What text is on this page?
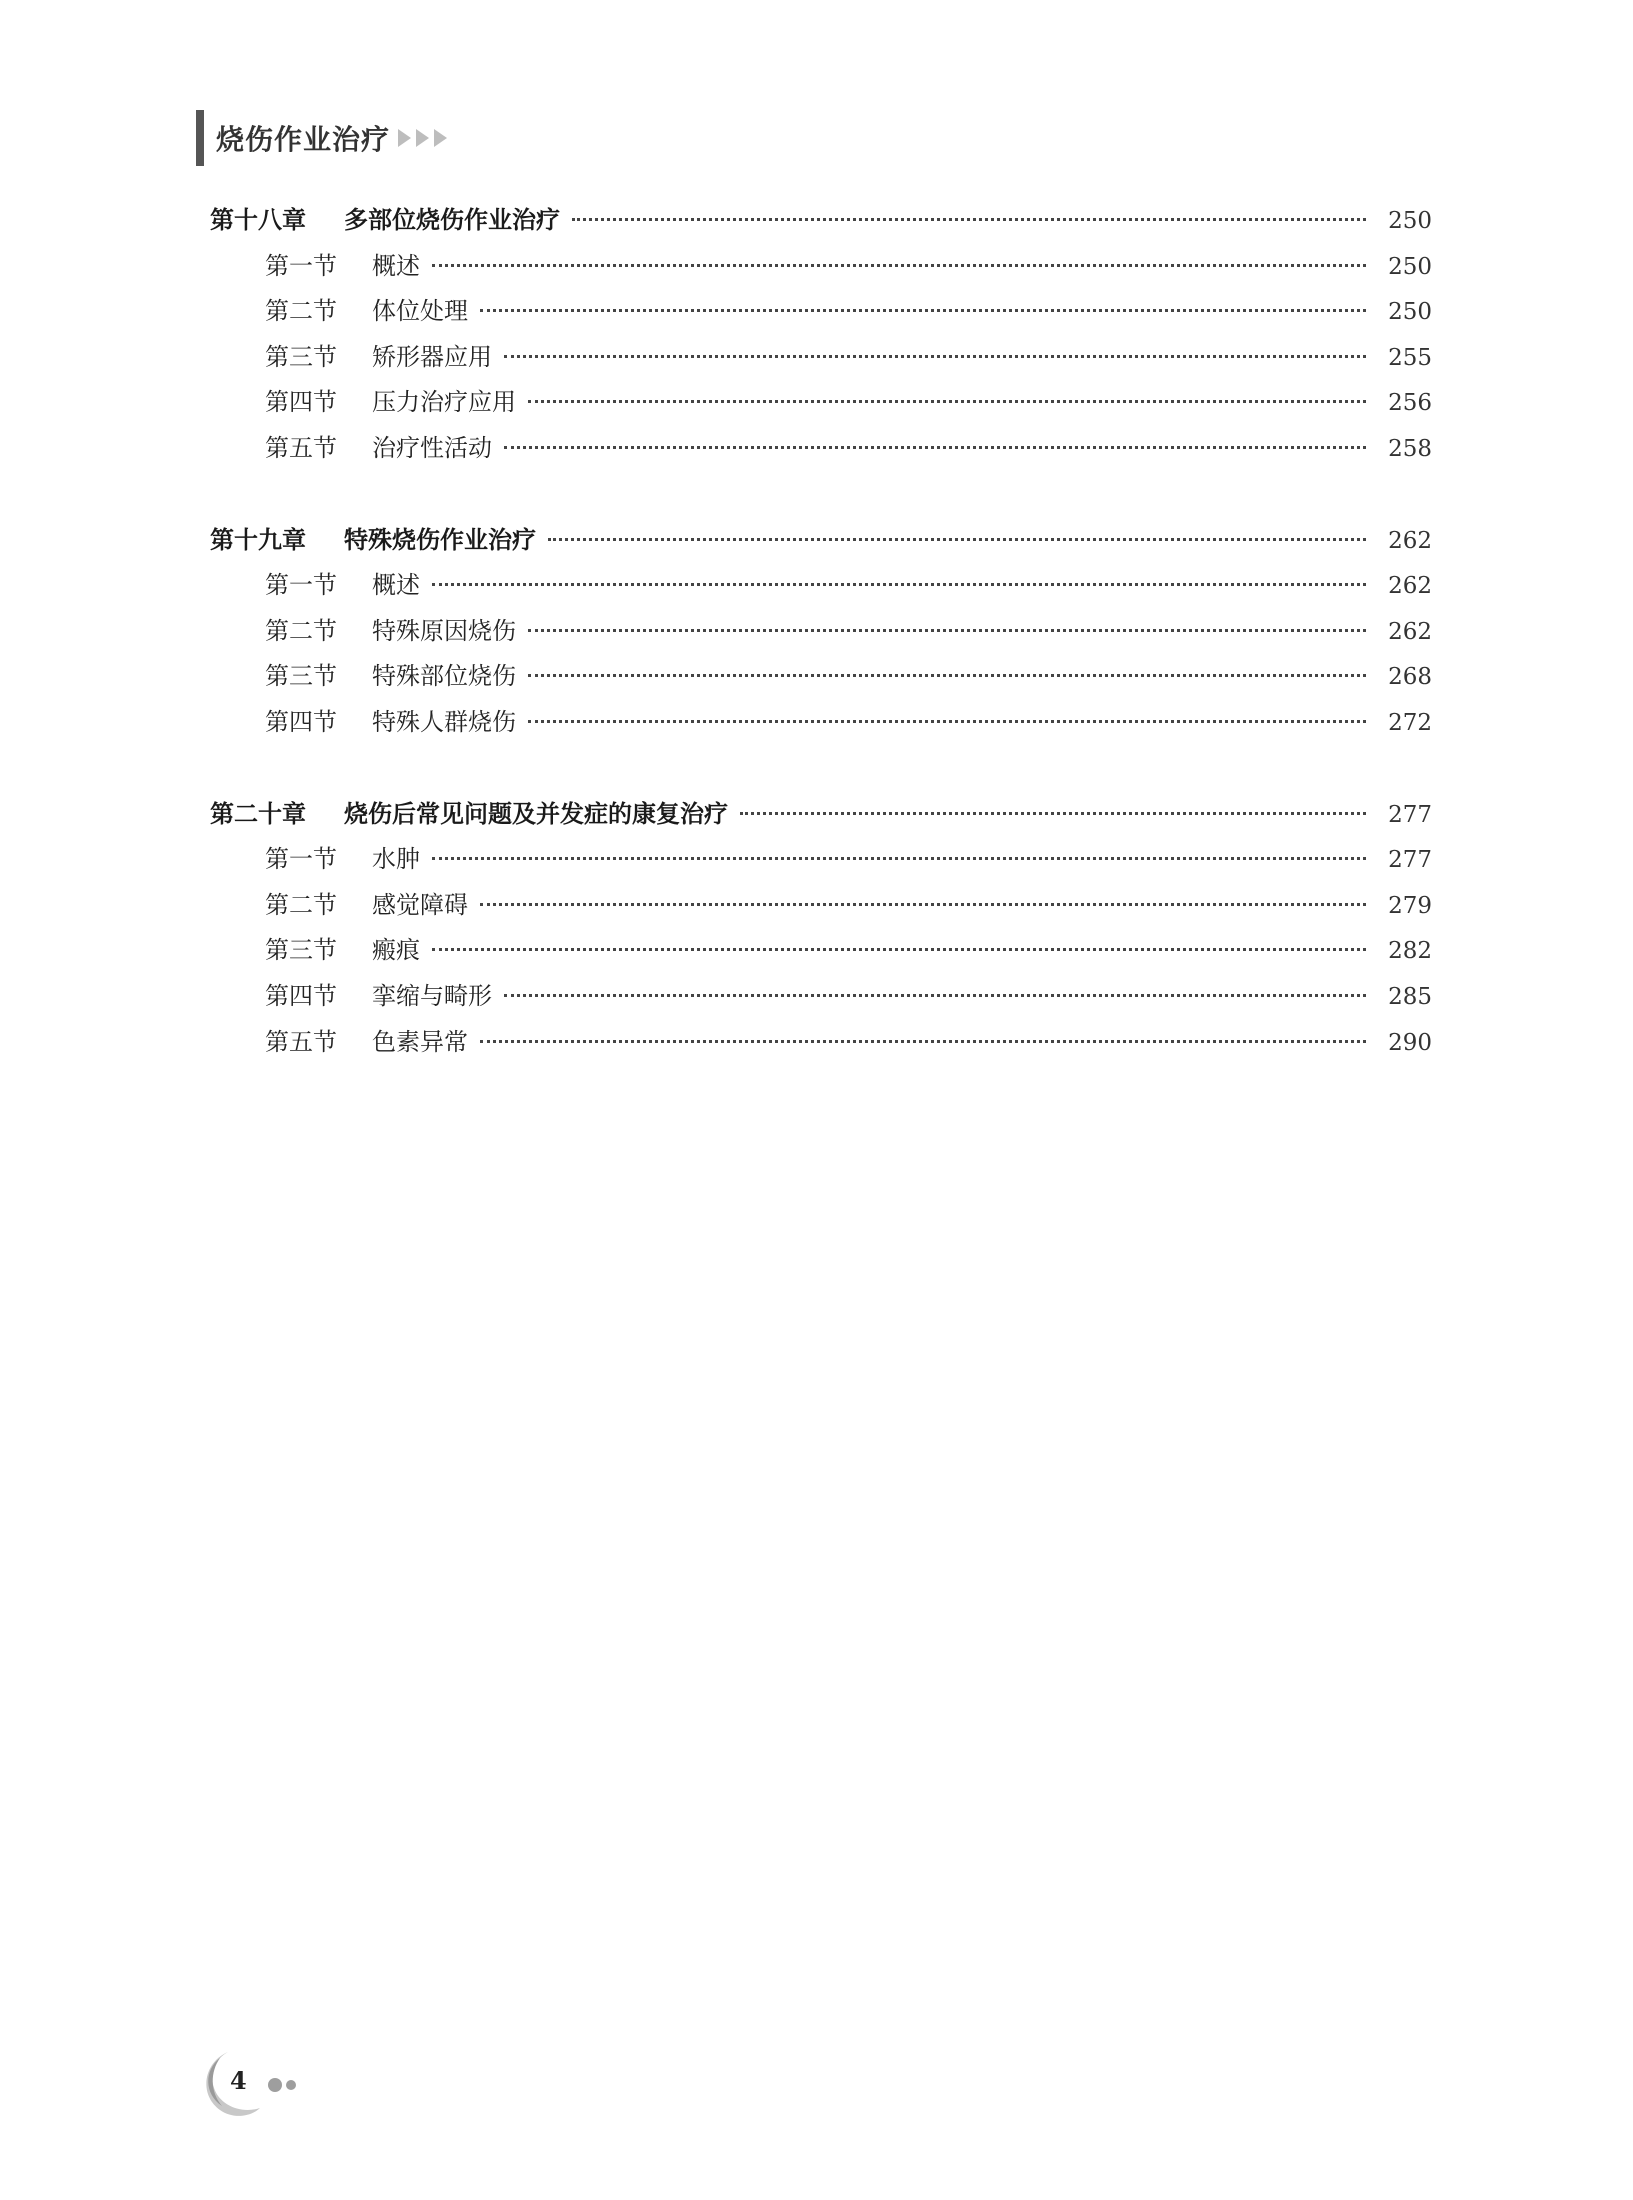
烧伤作业治疗
第十八章	多部位烧伤作业治疗	250
第一节	概述	250
第二节	体位处理	250
第三节	矫形器应用	255
第四节	压力治疗应用	256
第五节	治疗性活动	258
第十九章	特殊烧伤作业治疗	262
第一节	概述	262
第二节	特殊原因烧伤	262
第三节	特殊部位烧伤	268
第四节	特殊人群烧伤	272
第二十章	烧伤后常见问题及并发症的康复治疗	277
第一节	水肿	277
第二节	感觉障碍	279
第三节	瘢痕	282
第四节	挛缩与畸形	285
第五节	色素异常	290
4
